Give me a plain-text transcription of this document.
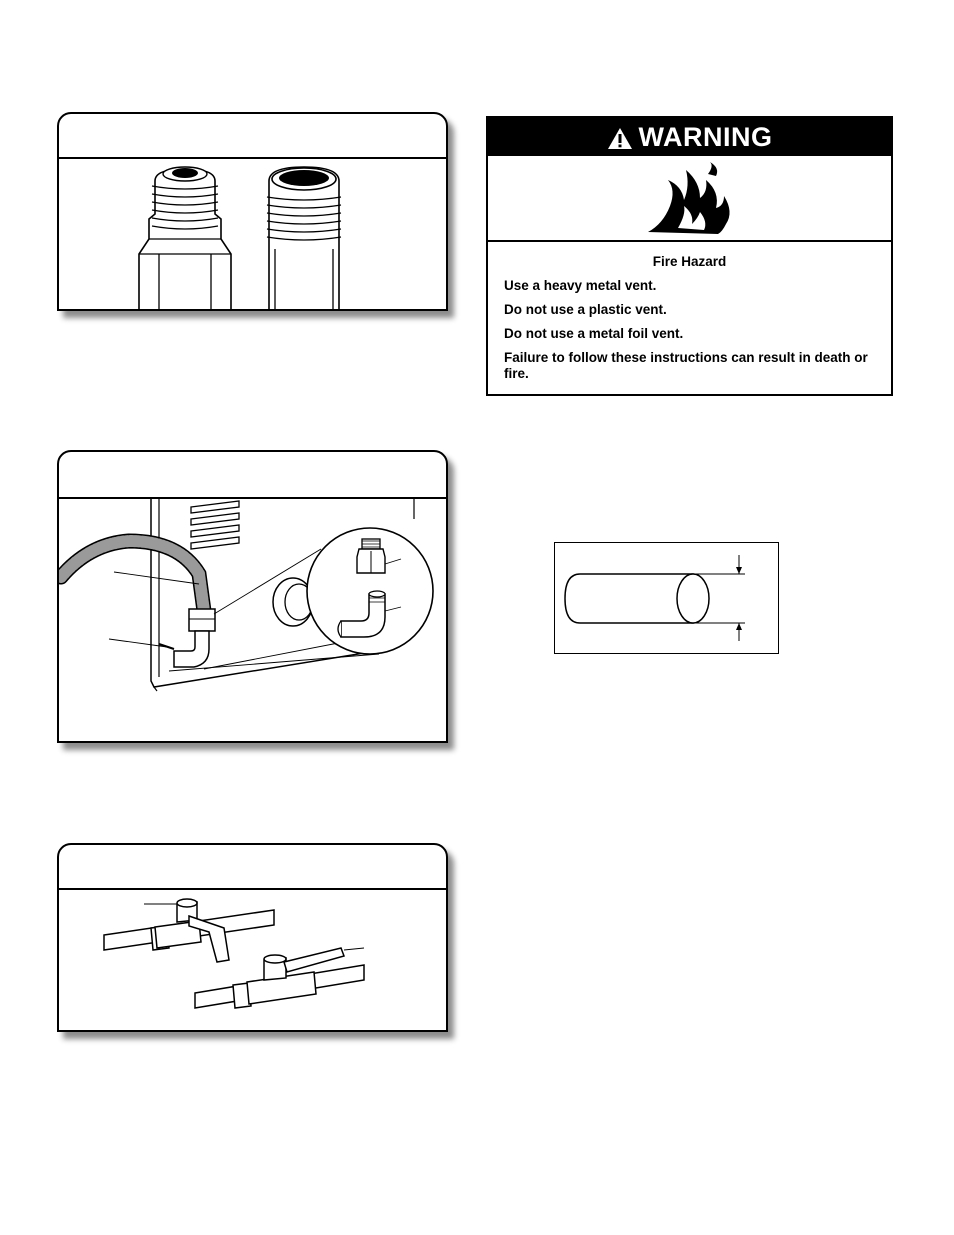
WARNING
Fire Hazard

Use a heavy metal vent.

Do not use a plastic vent.

Do not use a metal foil vent.

Failure to follow these instructions can result in death or fire.
